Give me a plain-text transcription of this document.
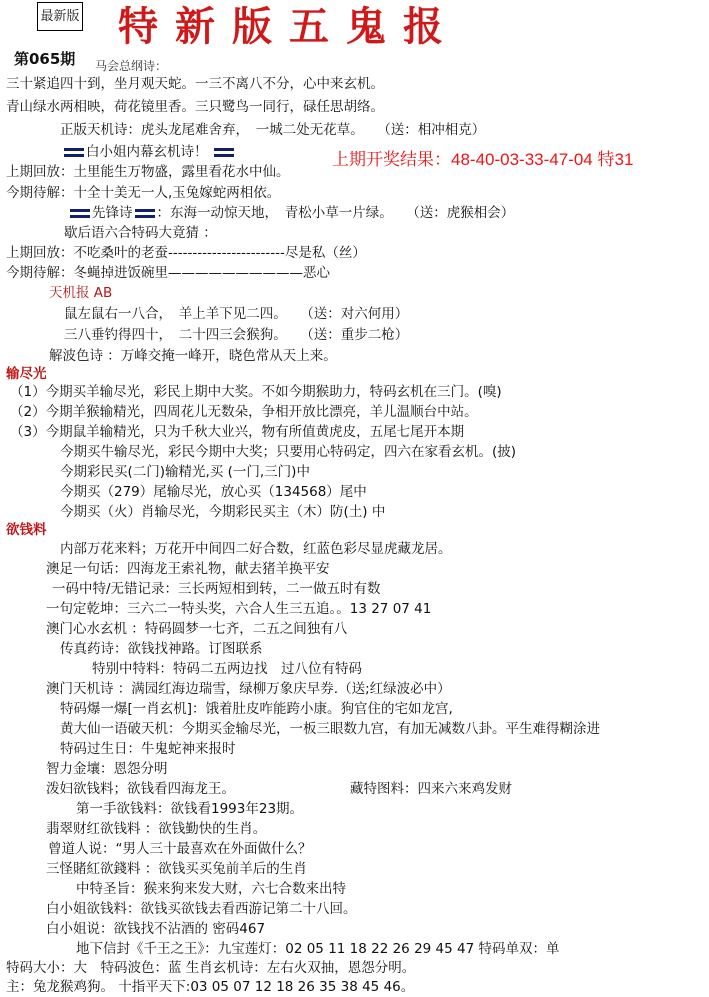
最新版 特新版五鬼报
第065期 马会总纲诗：
三十紧追四十到，坐月观天蛇。一三不离八不分，心中来玄机。
青山绿水两相映，荷花镜里香。三只鹭鸟一同行，碌任思胡络。
正版天机诗：虎头龙尾难舍弃，　一城二处无花草。　　（送：相冲相克）
白小姐内幕玄机诗！	上期开奖结果：48-40-03-33-47-04 特31
上期回放：土里能生万物盛，露里看花水中仙。
今期待解：十全十美无一人,玉兔嫁蛇两相依。
先锋诗 ：东海一动惊天地，　青松小草一片绿。　　（送：虎猴相会）
歇后语六合特码大竟猜 ：
上期回放：不吃桑叶的老蚕------------------------尽是私（丝）
今期待解：冬蝇掉进饭碗里——————————恶心
天机报 AB
鼠左鼠右一八合，　羊上羊下见二四。　　（送：对六何用）
三八垂钓得四十，　二十四三会猴狗。　　（送：重步二枪）
解波色诗 ：万峰交掩一峰开，晓色常从天上来。
输尽光
（1）今期买羊输尽光，彩民上期中大奖。不如今期猴助力，特码玄机在三门。(嗅)
（2）今期羊猴输精光，四周花儿无数朵，争相开放比漂亮，羊儿温顺台中站。
（3）今期鼠羊输精光，只为千秋大业兴，物有所值黄虎皮，五尾七尾开本期
今期买牛输尽光，彩民今期中大奖；只要用心特码定，四六在家看玄机。(披)
今期彩民买(二门)输精光,买 (一门,三门)中
今期买（279）尾输尽光，放心买（134568）尾中
今期买（火）肖输尽光，今期彩民买主（木）防(土) 中
欲钱料
内部万花来料；万花开中间四二好合数，红蓝色彩尽显虎藏龙居。
澳足一句话：四海龙王索礼物，献去猪羊换平安
一码中特/无错记录：三长两短相到转，二一做五时有数
一句定乾坤：三六二一特头奖，六合人生三五追。。13 27 07 41
澳门心水玄机 ：特码圆梦一七齐，二五之间独有八
传真药诗：欲钱找神路。订图联系
特别中特料：特码二五两边找　过八位有特码
澳门天机诗 ：满园红海边瑞雪，绿柳万象庆早券.（送;红绿波必中）
特码爆一爆[一肖玄机]：饿着肚皮咋能跨小康。狗官住的宅如龙宫,
黄大仙一语破天机：今期买金输尽光，一板三眼数九宫，有加无减数八卦。平生难得糊涂进
特码过生日：牛鬼蛇神来报时
智力金壤：恩怨分明
泼妇欲钱料；欲钱看四海龙王。	藏特图料：四来六来鸡发财
第一手欲钱料：欲钱看1993年23期。
翡翠财红欲钱料 ：欲钱勤快的生肖。
曾道人说：“男人三十最喜欢在外面做什么？
三怪賭紅欲錢料 ：欲钱买买兔前羊后的生肖
中特圣旨：猴来狗来发大财，六七合数来出特
白小姐欲钱料：欲钱买欲钱去看西游记第二十八回。
白小姐说：欲钱找不沾酒的 密码467
地下信封《千王之王》：九宝莲灯：02 05 11 18 22 26 29 45 47 特码单双：单
特码大小：大　特码波色：蓝 生肖玄机诗：左右火双抽，恩怨分明。
主：兔龙猴鸡狗。 十指平天下:03 05 07 12 18 26 35 38 45 46。
